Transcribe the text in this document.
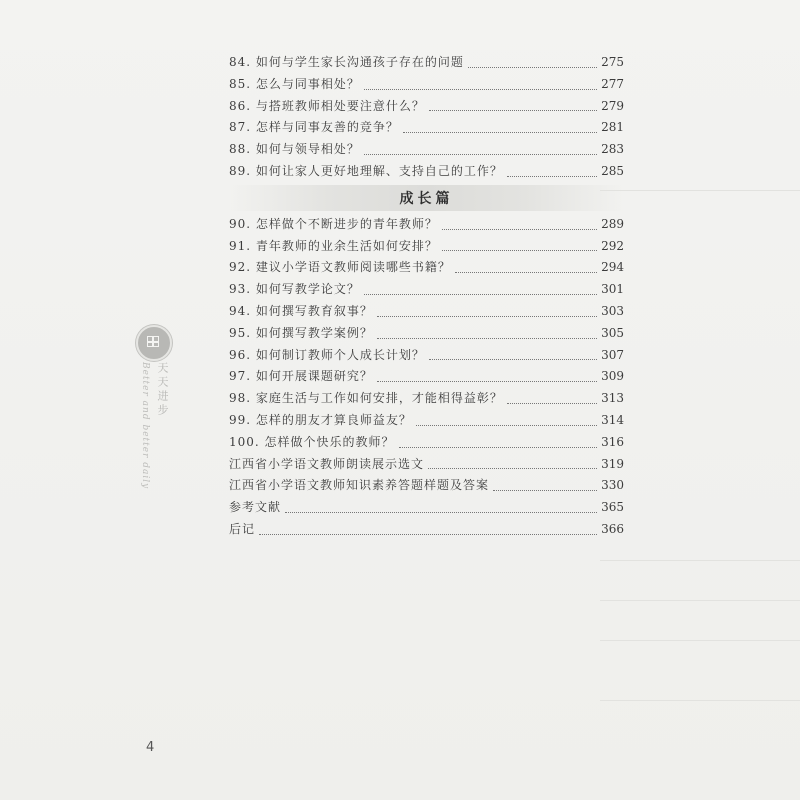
84. 如何与学生家长沟通孩子存在的问题	275
85. 怎么与同事相处？	277
86. 与搭班教师相处要注意什么？	279
87. 怎样与同事友善的竞争？	281
88. 如何与领导相处？	283
89. 如何让家人更好地理解、支持自己的工作？	285
成长篇
90. 怎样做个不断进步的青年教师？	289
91. 青年教师的业余生活如何安排？	292
92. 建议小学语文教师阅读哪些书籍？	294
93. 如何写教学论文？	301
94. 如何撰写教育叙事？	303
95. 如何撰写教学案例？	305
96. 如何制订教师个人成长计划？	307
97. 如何开展课题研究？	309
98. 家庭生活与工作如何安排，才能相得益彰？	313
99. 怎样的朋友才算良师益友？	314
100. 怎样做个快乐的教师？	316
江西省小学语文教师朗读展示选文	319
江西省小学语文教师知识素养答题样题及答案	330
参考文献	365
后记	366
天天进步
Better and better daily
4
